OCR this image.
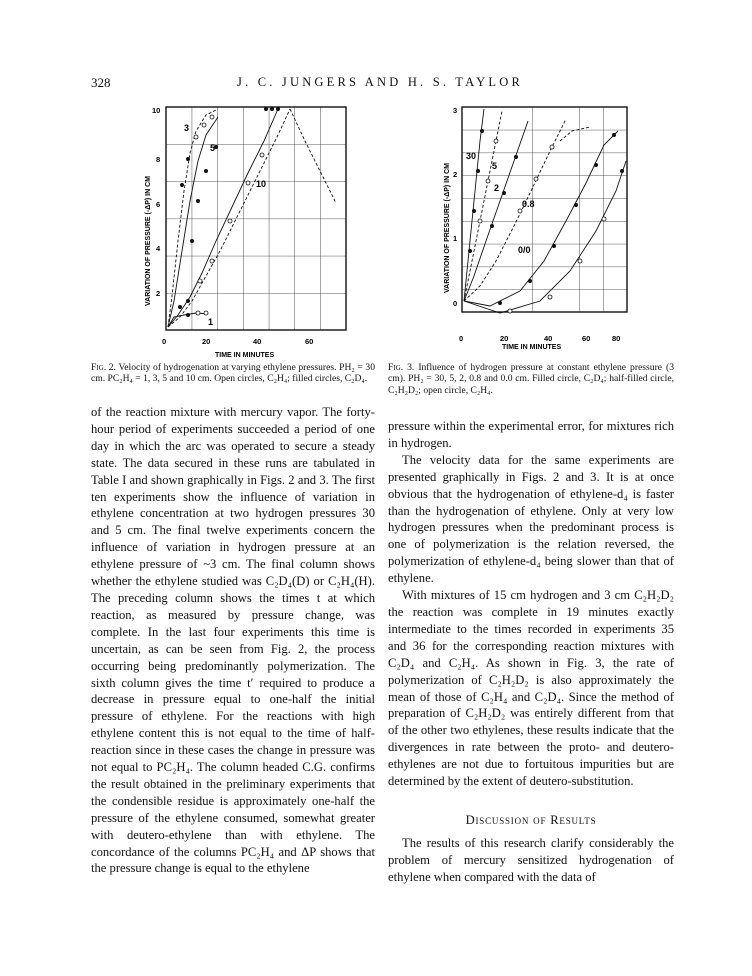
328	J. C. JUNGERS AND H. S. TAYLOR
VARIATION OF PRESSURE (-ΔP) IN CM
TIME IN MINUTES
0	20	40	60
2
4
6
8
10
10
5
3
1
Fig. 2. Velocity of hydrogenation at varying ethylene pressures. PH₂ = 30 cm. PC₂H₄ = 1, 3, 5 and 10 cm. Open circles, C₂H₄; filled circles, C₂D₄.
VARIATION OF PRESSURE (-ΔP) IN CM
TIME IN MINUTES
0	20	40	60	80
0
1
2
3
30
5
2
0.8
0/0
Fig. 3. Influence of hydrogen pressure at constant ethylene pressure (3 cm). PH₂ = 30, 5, 2, 0.8 and 0.0 cm. Filled circle, C₂D₄; half-filled circle, C₂H₂D₂; open circle, C₂H₄.

of the reaction mixture with mercury vapor. The forty-hour period of experiments succeeded a period of one day in which the arc was operated to secure a steady state. The data secured in these runs are tabulated in Table I and shown graphically in Figs. 2 and 3. The first ten experiments show the influence of variation in ethylene concentration at two hydrogen pressures 30 and 5 cm. The final twelve experiments concern the influence of variation in hydrogen pressure at an ethylene pressure of ~3 cm. The final column shows whether the ethylene studied was C₂D₄(D) or C₂H₄(H). The preceding column shows the times t at which reaction, as measured by pressure change, was complete. In the last four experiments this time is uncertain, as can be seen from Fig. 2, the process occurring being predominantly polymerization. The sixth column gives the time t′ required to produce a decrease in pressure equal to one-half the initial pressure of ethylene. For the reactions with high ethylene content this is not equal to the time of half-reaction since in these cases the change in pressure was not equal to PC₂H₄. The column headed C.G. confirms the result obtained in the preliminary experiments that the condensible residue is approximately one-half the pressure of the ethylene consumed, somewhat greater with deutero-ethylene than with ethylene. The concordance of the columns PC₂H₄ and ΔP shows that the pressure change is equal to the ethylene

pressure within the experimental error, for mixtures rich in hydrogen.

The velocity data for the same experiments are presented graphically in Figs. 2 and 3. It is at once obvious that the hydrogenation of ethylene-d₄ is faster than the hydrogenation of ethylene. Only at very low hydrogen pressures when the predominant process is one of polymerization is the relation reversed, the polymerization of ethylene-d₄ being slower than that of ethylene.

With mixtures of 15 cm hydrogen and 3 cm C₂H₂D₂ the reaction was complete in 19 minutes exactly intermediate to the times recorded in experiments 35 and 36 for the corresponding reaction mixtures with C₂D₄ and C₂H₄. As shown in Fig. 3, the rate of polymerization of C₂H₂D₂ is also approximately the mean of those of C₂H₄ and C₂D₄. Since the method of preparation of C₂H₂D₂ was entirely different from that of the other two ethylenes, these results indicate that the divergences in rate between the proto- and deutero-ethylenes are not due to fortuitous impurities but are determined by the extent of deutero-substitution.

Discussion of Results

The results of this research clarify considerably the problem of mercury sensitized hydrogenation of ethylene when compared with the data of
